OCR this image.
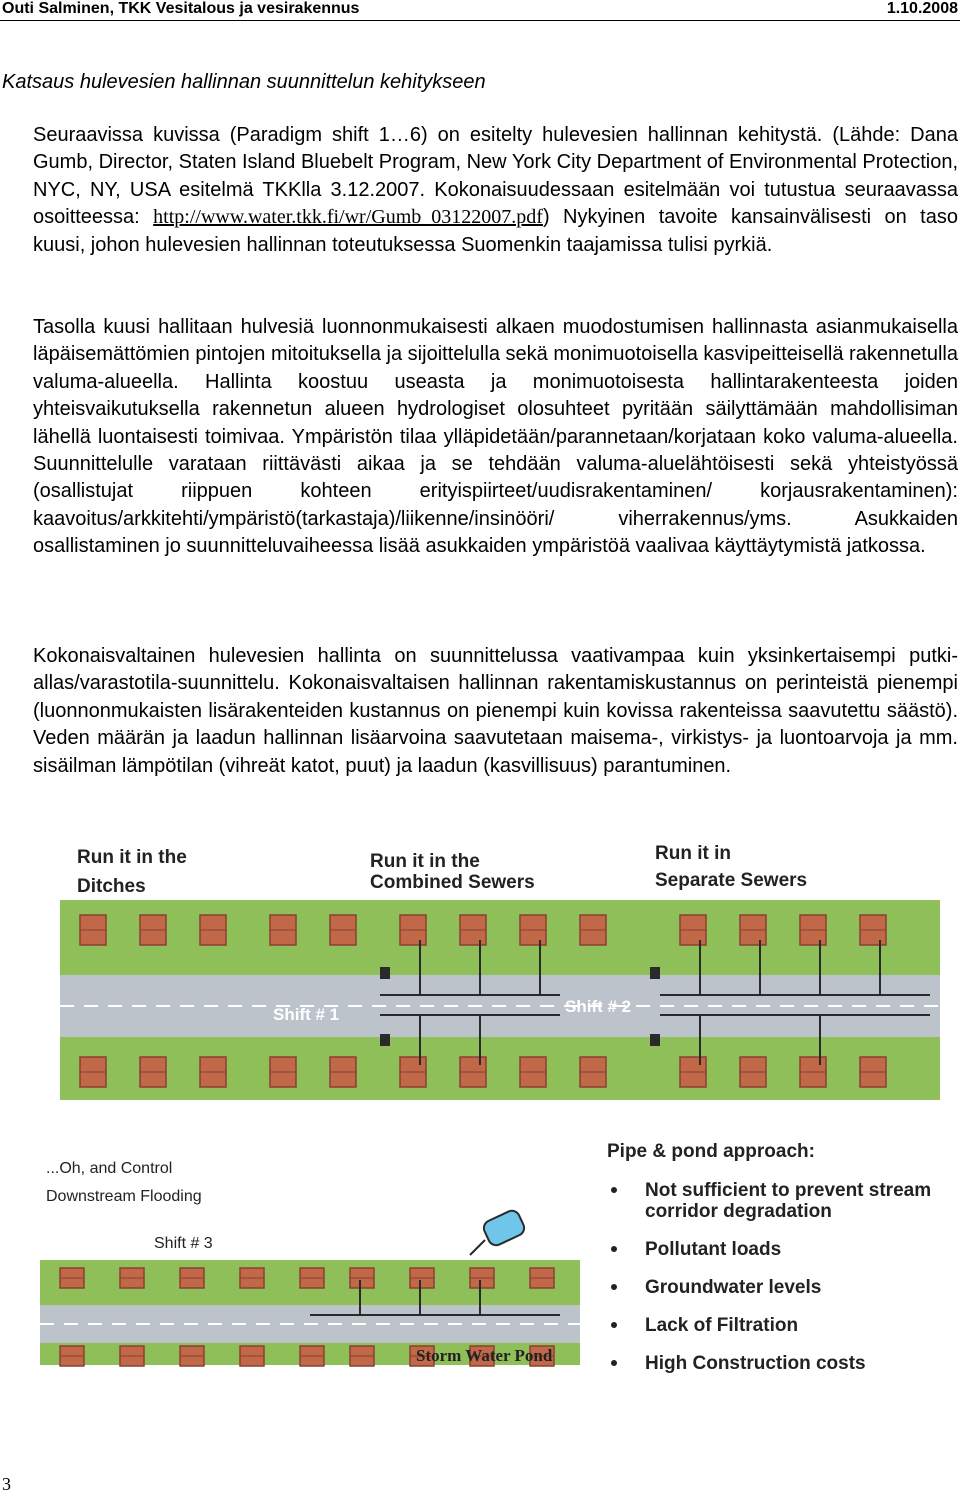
Outi Salminen, TKK Vesitalous ja vesirakennus	1.10.2008
Katsaus hulevesien hallinnan suunnittelun kehitykseen
Seuraavissa kuvissa (Paradigm shift 1…6) on esitelty hulevesien hallinnan kehitystä. (Lähde: Dana Gumb, Director, Staten Island Bluebelt Program, New York City Department of Environmental Protection, NYC, NY, USA esitelmä TKKlla 3.12.2007. Kokonaisuudessaan esitelmään voi tutustua seuraavassa osoitteessa: http://www.water.tkk.fi/wr/Gumb_03122007.pdf) Nykyinen tavoite kansainvälisesti on taso kuusi, johon hulevesien hallinnan toteutuksessa Suomenkin taajamissa tulisi pyrkiä.
Tasolla kuusi hallitaan hulvesiä luonnonmukaisesti alkaen muodostumisen hallinnasta asianmukaisella läpäisemättömien pintojen mitoituksella ja sijoittelulla sekä monimuotoisella kasvipeitteisellä rakennetulla valuma-alueella. Hallinta koostuu useasta ja monimuotoisesta hallintarakenteesta joiden yhteisvaikutuksella rakennetun alueen hydrologiset olosuhteet pyritään säilyttämään mahdollisiman lähellä luontaisesti toimivaa. Ympäristön tilaa ylläpidetään/parannetaan/korjataan koko valuma-alueella. Suunnittelulle varataan riittävästi aikaa ja se tehdään valuma-aluelähtöisesti sekä yhteistyössä (osallistujat riippuen kohteen erityispiirteet/uudisrakentaminen/ korjausrakentaminen): kaavoitus/arkkitehti/ympäristö(tarkastaja)/liikenne/insinööri/ viherrakennus/yms. Asukkaiden osallistaminen jo suunnitteluvaiheessa lisää asukkaiden ympäristöä vaalivaa käyttäytymistä jatkossa.
Kokonaisvaltainen hulevesien hallinta on suunnittelussa vaativampaa kuin yksinkertaisempi putki-allas/varastotila-suunnittelu. Kokonaisvaltaisen hallinnan rakentamiskustannus on perinteistä pienempi (luonnonmukaisten lisärakenteiden kustannus on pienempi kuin kovissa rakenteissa saavutettu säästö). Veden määrän ja laadun hallinnan lisäarvoina saavutetaan maisema-, virkistys- ja luontoarvoja ja mm. sisäilman lämpötilan (vihreät katot, puut) ja laadun (kasvillisuus) parantuminen.
Run it in the
Ditches
Run it in the
Combined Sewers
Run it in
Separate Sewers
Shift # 1	Shift # 2
...Oh, and Control
Downstream Flooding
Shift # 3
Storm Water Pond
Pipe & pond approach:
Not sufficient to prevent stream
corridor degradation
Pollutant loads
Groundwater levels
Lack of Filtration
High Construction costs
3
